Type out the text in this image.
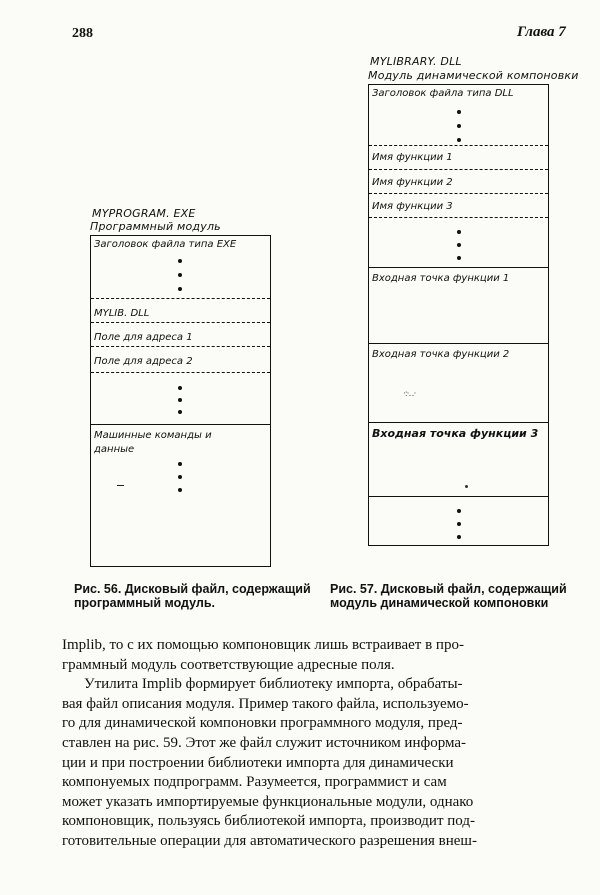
288	Глава 7
MYPROGRAM. EXE
Программный модуль
Заголовок файла типа EXE
MYLIB. DLL
Поле для адреса 1
Поле для адреса 2
Машинные команды и
данные
Рис. 56. Дисковый файл, содержащий
программный модуль.
MYLIBRARY. DLL
Модуль динамической компоновки
Заголовок файла типа DLL
Имя функции 1
Имя функции 2
Имя функции 3
Входная точка функции 1
Входная точка функции 2
·:·‥·
Входная точка функции 3
Рис. 57. Дисковый файл, содержащий
модуль динамической компоновки

Implib, то с их помощью компоновщик лишь встраивает в про-

граммный модуль соответствующие адресные поля.

Утилита Implib формирует библиотеку импорта, обрабаты-

вая файл описания модуля. Пример такого файла, используемо-

го для динамической компоновки программного модуля, пред-

ставлен на рис. 59. Этот же файл служит источником информа-

ции и при построении библиотеки импорта для динамически

компонуемых подпрограмм. Разумеется, программист и сам

может указать импортируемые функциональные модули, однако

компоновщик, пользуясь библиотекой импорта, производит под-

готовительные операции для автоматического разрешения внеш-
